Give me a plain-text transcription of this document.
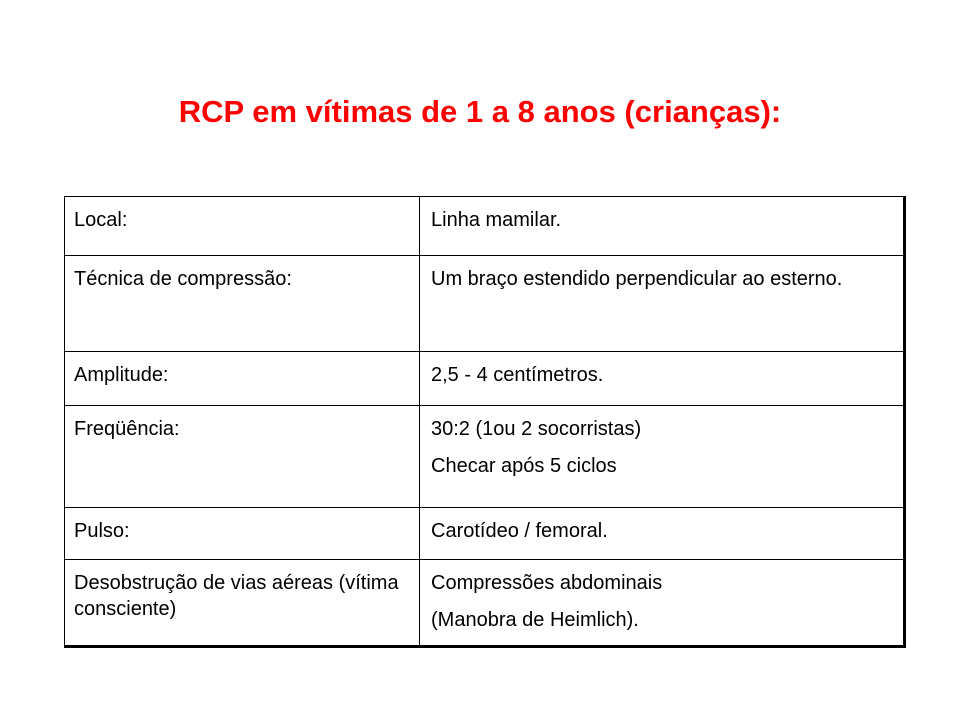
RCP em vítimas de 1 a 8 anos (crianças):
Local:	Linha mamilar.

Técnica de compressão:	Um braço estendido perpendicular ao esterno.

Amplitude:	2,5 - 4 centímetros.

Freqüência:	30:2 (1ou 2 socorristas)
Checar após 5 ciclos

Pulso:	Carotídeo / femoral.

Desobstrução de vias aéreas (vítima consciente)	Compressões abdominais
(Manobra de Heimlich).
